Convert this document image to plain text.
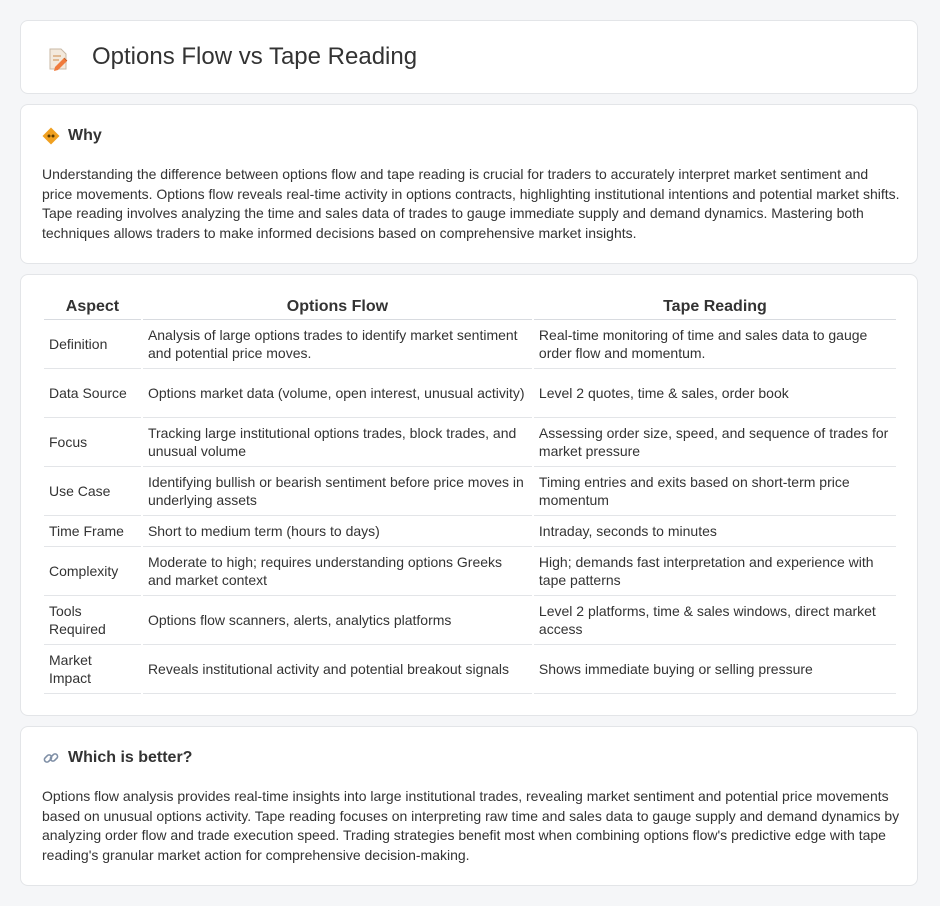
Options Flow vs Tape Reading
Why

Understanding the difference between options flow and tape reading is crucial for traders to accurately interpret market sentiment and price movements. Options flow reveals real-time activity in options contracts, highlighting institutional intentions and potential market shifts. Tape reading involves analyzing the time and sales data of trades to gauge immediate supply and demand dynamics. Mastering both techniques allows traders to make informed decisions based on comprehensive market insights.

Aspect	Options Flow	Tape Reading
Definition	Analysis of large options trades to identify market sentiment and potential price moves.	Real-time monitoring of time and sales data to gauge order flow and momentum.
Data Source	Options market data (volume, open interest, unusual activity)	Level 2 quotes, time & sales, order book
Focus	Tracking large institutional options trades, block trades, and unusual volume	Assessing order size, speed, and sequence of trades for market pressure
Use Case	Identifying bullish or bearish sentiment before price moves in underlying assets	Timing entries and exits based on short-term price momentum
Time Frame	Short to medium term (hours to days)	Intraday, seconds to minutes
Complexity	Moderate to high; requires understanding options Greeks and market context	High; demands fast interpretation and experience with tape patterns
Tools Required	Options flow scanners, alerts, analytics platforms	Level 2 platforms, time & sales windows, direct market access
Market Impact	Reveals institutional activity and potential breakout signals	Shows immediate buying or selling pressure
Which is better?

Options flow analysis provides real-time insights into large institutional trades, revealing market sentiment and potential price movements based on unusual options activity. Tape reading focuses on interpreting raw time and sales data to gauge supply and demand dynamics by analyzing order flow and trade execution speed. Trading strategies benefit most when combining options flow's predictive edge with tape reading's granular market action for comprehensive decision-making.
